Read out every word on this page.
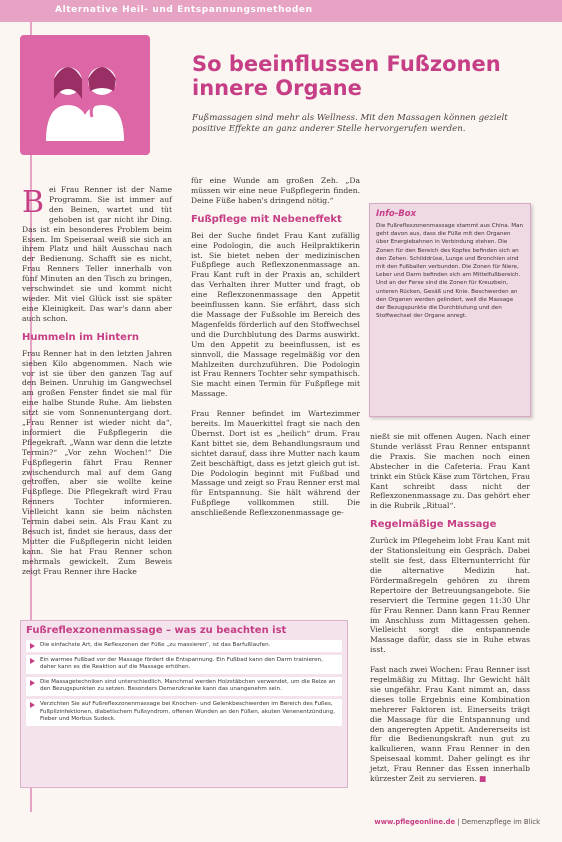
Alternative Heil- und Entspannungsmethoden
So beeinflussen Fußzonen innere Organe

Fußmassagen sind mehr als Wellness. Mit den Massagen können gezielt positive Effekte an ganz anderer Stelle hervorgerufen werden.

B ei Frau Renner ist der Name Programm. Sie ist immer auf den Beinen, wartet und tüt gehoben ist gar nicht ihr Ding. Das ist ein besonderes Problem beim Essen. Im Speiseraal weiß sie sich an ihrem Platz und hält Ausschau nach der Bedienung. Schafft sie es nicht, Frau Renners Teller innerhalb von fünf Minuten an den Tisch zu bringen, verschwindet sie und kommt nicht wieder. Mit viel Glück isst sie später eine Kleinigkeit. Das war's dann aber auch schon.

Hummeln im Hintern

Frau Renner hat in den letzten Jahren sieben Kilo abgenommen. Nach wie vor ist sie über den ganzen Tag auf den Beinen. Unruhig im Gangwechsel am großen Fenster findet sie mal für eine halbe Stunde Ruhe. Am liebsten sitzt sie vom Sonnenuntergang dort. „Frau Renner ist wieder nicht da“, informiert die Fußpflegerin die Pflegekraft. „Wann war denn die letzte Termin?“ „Vor zehn Wochen!“ Die Fußpflegerin fährt Frau Renner zwischendurch mal auf dem Gang getroffen, aber sie wollte keine Fußpflege. Die Pflegekraft wird Frau Renners Tochter informieren. Vielleicht kann sie beim nächsten Termin dabei sein. Als Frau Kant zu Besuch ist, findet sie heraus, dass der Mutter die Fußpflegerin nicht leiden kann. Sie hat Frau Renner schon mehrmals gewickelt. Zum Beweis zeigt Frau Renner ihre Hacke

für eine Wunde am großen Zeh. „Da müssen wir eine neue Fußpflegerin finden. Deine Füße haben's dringend nötig.“

Fußpflege mit Nebeneffekt

Bei der Suche findet Frau Kant zufällig eine Podologin, die auch Heilpraktikerin ist. Sie bietet neben der medizinischen Fußpflege auch Reflexzonenmassage an. Frau Kant ruft in der Praxis an, schildert das Verhalten ihrer Mutter und fragt, ob eine Reflexzonenmassage den Appetit beeinflussen kann. Sie erfährt, dass sich die Massage der Fußsohle im Bereich des Magenfelds förderlich auf den Stoffwechsel und die Durchblutung des Darms auswirkt. Um den Appetit zu beeinflussen, ist es sinnvoll, die Massage regelmäßig vor den Mahlzeiten durchzuführen. Die Podologin ist Frau Renners Tochter sehr sympathisch. Sie macht einen Termin für Fußpflege mit Massage.

Frau Renner befindet im Wartezimmer bereits. Im Mauerkittel fragt sie nach den Übernst. Dort ist es „heilich“ drum. Frau Kant bittet sie, dem Behandlungsraum und sichtet darauf, dass ihre Mutter nach kaum Zeit beschäftigt, dass es jetzt gleich gut ist. Die Podologin beginnt mit Fußbad und Massage und zeigt so Frau Renner erst mal für Entspannung. Sie hält während der Fußpflege vollkommen still. Die anschließende Reflexzonenmassage ge-

Info-Box
Die Fußreflexzonenmassage stammt aus China. Man geht davon aus, dass die Füße mit den Organen über Energiebahnen in Verbindung stehen. Die Zonen für den Bereich des Kopfes befinden sich an den Zehen. Schilddrüse, Lunge und Bronchien sind mit den Fußballen verbunden. Die Zonen für Niere, Leber und Darm befinden sich am Mittelfußbereich. Und an der Ferse sind die Zonen für Kreuzbein, unteren Rücken, Gesäß und Knie. Beschwerden an den Organen werden gelindert, weil die Massage der Bezugspunkte die Durchblutung und den Stoffwechsel der Organe anregt.

nießt sie mit offenen Augen. Nach einer Stunde verlässt Frau Renner entspannt die Praxis. Sie machen noch einen Abstecher in die Cafeteria. Frau Kant trinkt ein Stück Käse zum Törtchen, Frau Kant schreibt dass nicht der Reflexzonenmassage zu. Das gehört eher in die Rubrik „Ritual“.

Regelmäßige Massage

Zurück im Pflegeheim lobt Frau Kant mit der Stationsleitung ein Gespräch. Dabei stellt sie fest, dass Elternunterricht für die alternative Medizin hat. Fördermaßregeln gehören zu ihrem Repertoire der Betreuungsangebote. Sie reserviert die Termine gegen 11:30 Uhr für Frau Renner. Dann kann Frau Renner im Anschluss zum Mittagessen gehen. Vielleicht sorgt die entspannende Massage dafür, dass sie in Ruhe etwas isst.

Fast nach zwei Wochen: Frau Renner isst regelmäßig zu Mittag. Ihr Gewicht hält sie ungefähr. Frau Kant nimmt an, dass dieses tolle Ergebnis eine Kombination mehrerer Faktoren ist. Einerseits trägt die Massage für die Entspannung und den angeregten Appetit. Andererseits ist für die Bedienungskraft nun gut zu kalkulieren, wann Frau Renner in den Speisesaal kommt. Daher gelingt es ihr jetzt, Frau Renner das Essen innerhalb kürzester Zeit zu servieren. ■

Fußreflexzonenmassage – was zu beachten ist
Die einfachste Art, die Reflexzonen der Füße „zu massieren“, ist das Barfußlaufen.
Ein warmes Fußbad vor der Massage fördert die Entspannung. Ein Fußbad kann den Darm trainieren, daher kann es die Reaktion auf die Massage erhöhen.
Die Massagetechniken sind unterschiedlich. Manchmal werden Holzstäbchen verwendet, um die Reize an den Bezugspunkten zu setzen. Besonders Demenzkranke kann das unangenehm sein.
Verzichten Sie auf Fußreflexzonenmassage bei Knochen- und Gelenkbeschwerden im Bereich des Fußes, Fußpilzinfektionen, diabetischem Fußsyndrom, offenen Wunden an den Füßen, akuten Venenentzündung, Fieber und Morbus Sudeck.
www.pflegeonline.de | Demenzpflege im Blick
